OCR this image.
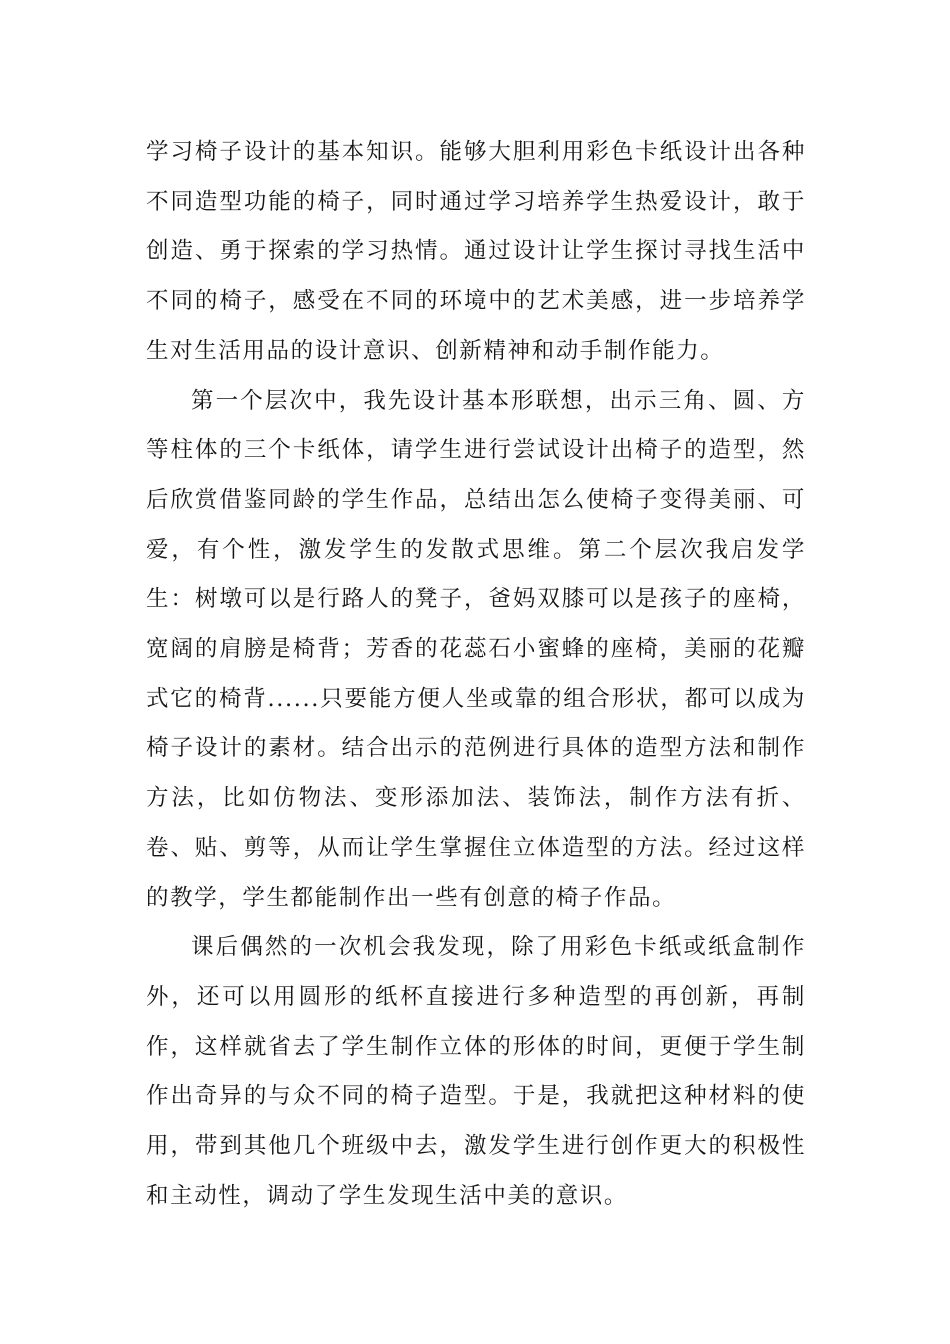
学习椅子设计的基本知识。能够大胆利用彩色卡纸设计出各种不同造型功能的椅子，同时通过学习培养学生热爱设计，敢于创造、勇于探索的学习热情。通过设计让学生探讨寻找生活中不同的椅子，感受在不同的环境中的艺术美感，进一步培养学生对生活用品的设计意识、创新精神和动手制作能力。

第一个层次中，我先设计基本形联想，出示三角、圆、方等柱体的三个卡纸体，请学生进行尝试设计出椅子的造型，然后欣赏借鉴同龄的学生作品，总结出怎么使椅子变得美丽、可爱，有个性，激发学生的发散式思维。第二个层次我启发学生：树墩可以是行路人的凳子，爸妈双膝可以是孩子的座椅，宽阔的肩膀是椅背；芳香的花蕊石小蜜蜂的座椅，美丽的花瓣式它的椅背......只要能方便人坐或靠的组合形状，都可以成为椅子设计的素材。结合出示的范例进行具体的造型方法和制作方法，比如仿物法、变形添加法、装饰法，制作方法有折、卷、贴、剪等，从而让学生掌握住立体造型的方法。经过这样的教学，学生都能制作出一些有创意的椅子作品。

课后偶然的一次机会我发现，除了用彩色卡纸或纸盒制作外，还可以用圆形的纸杯直接进行多种造型的再创新，再制作，这样就省去了学生制作立体的形体的时间，更便于学生制作出奇异的与众不同的椅子造型。于是，我就把这种材料的使用，带到其他几个班级中去，激发学生进行创作更大的积极性和主动性，调动了学生发现生活中美的意识。
